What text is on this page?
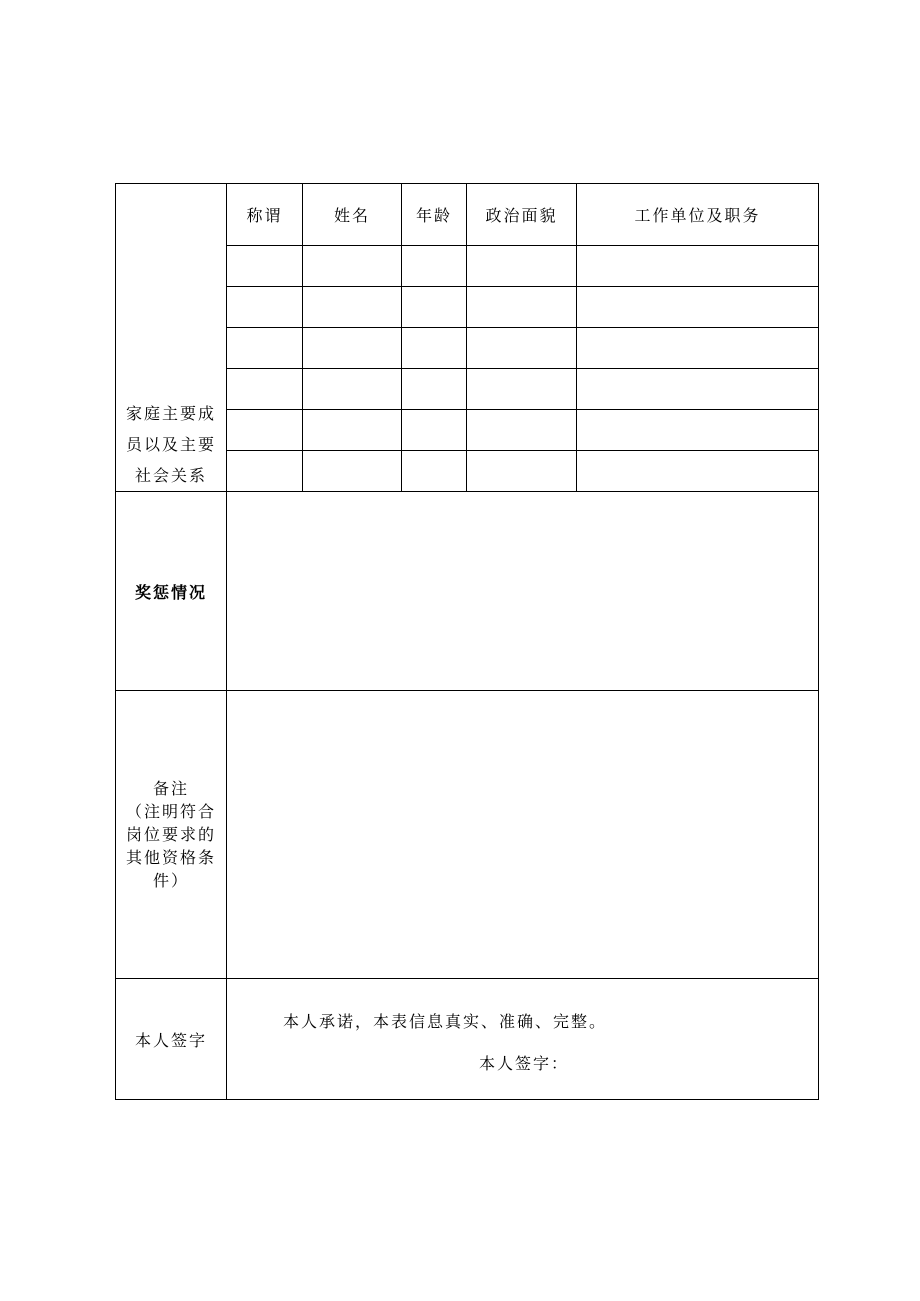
家庭主要成
员以及主要
社会关系	称谓	姓名	年龄	政治面貌	工作单位及职务

奖惩情况					

备注
（注明符合
岗位要求的
其他资格条
件）					

本人签字	本人承诺，本表信息真实、准确、完整。
本人签字：				
